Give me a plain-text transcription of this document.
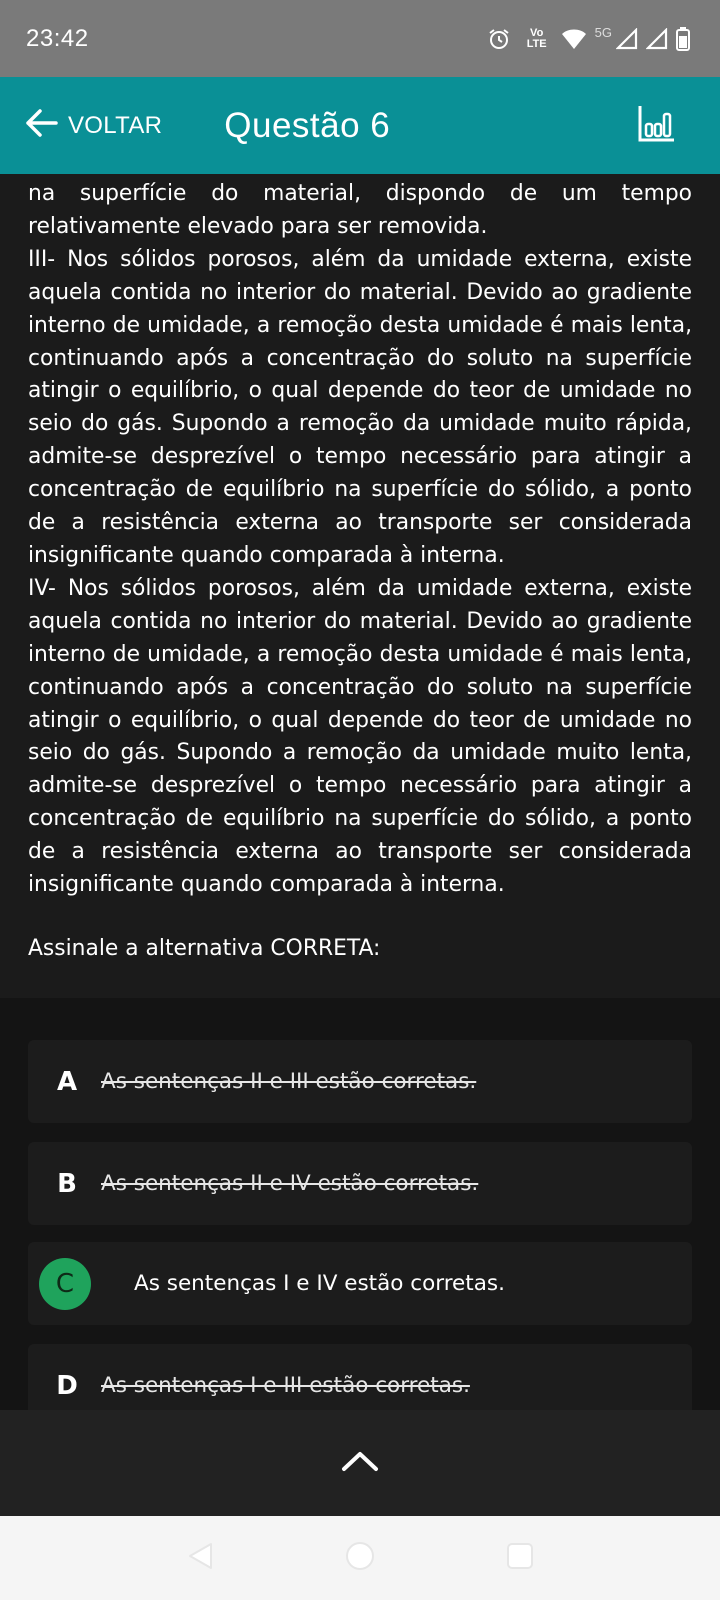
23:42	Vo
LTE
5G
VOLTAR Questão 6

na superfície do material, dispondo de um tempo relativamente elevado para ser removida.

III- Nos sólidos porosos, além da umidade externa, existe aquela contida no interior do material. Devido ao gradiente interno de umidade, a remoção desta umidade é mais lenta, continuando após a concentração do soluto na superfície atingir o equilíbrio, o qual depende do teor de umidade no seio do gás. Supondo a remoção da umidade muito rápida, admite-se desprezível o tempo necessário para atingir a concentração de equilíbrio na superfície do sólido, a ponto de a resistência externa ao transporte ser considerada insignificante quando comparada à interna.

IV- Nos sólidos porosos, além da umidade externa, existe aquela contida no interior do material. Devido ao gradiente interno de umidade, a remoção desta umidade é mais lenta, continuando após a concentração do soluto na superfície atingir o equilíbrio, o qual depende do teor de umidade no seio do gás. Supondo a remoção da umidade muito lenta, admite-se desprezível o tempo necessário para atingir a concentração de equilíbrio na superfície do sólido, a ponto de a resistência externa ao transporte ser considerada insignificante quando comparada à interna.

Assinale a alternativa CORRETA:
A As sentenças II e III estão corretas.
B As sentenças II e IV estão corretas.
C	As sentenças I e IV estão corretas.
D As sentenças I e III estão corretas.
